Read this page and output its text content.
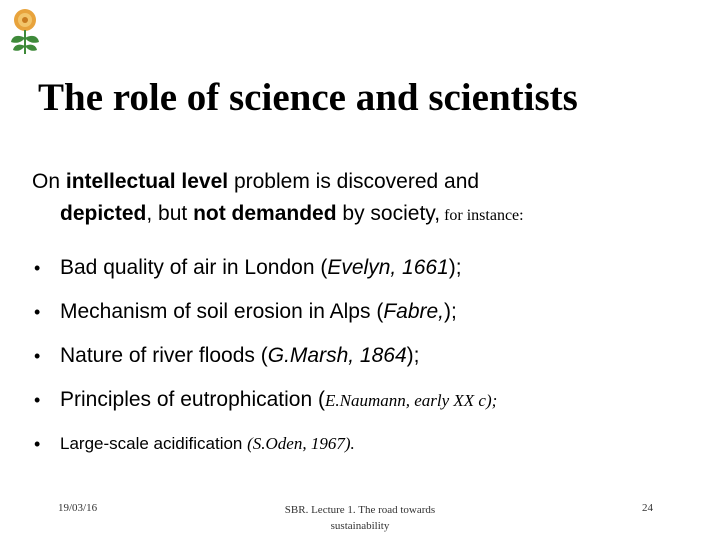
The role of science and scientists
On intellectual level problem is discovered and
depicted, but not demanded by society, for instance:
• Bad quality of air in London (Evelyn, 1661);
• Mechanism of soil erosion in Alps (Fabre,);
• Nature of river floods (G.Marsh, 1864);
• Principles of eutrophication (E.Naumann, early XX c);
• Large-scale acidification (S.Oden, 1967).
19/03/16	SBR. Lecture 1. The road towards
sustainability
24
